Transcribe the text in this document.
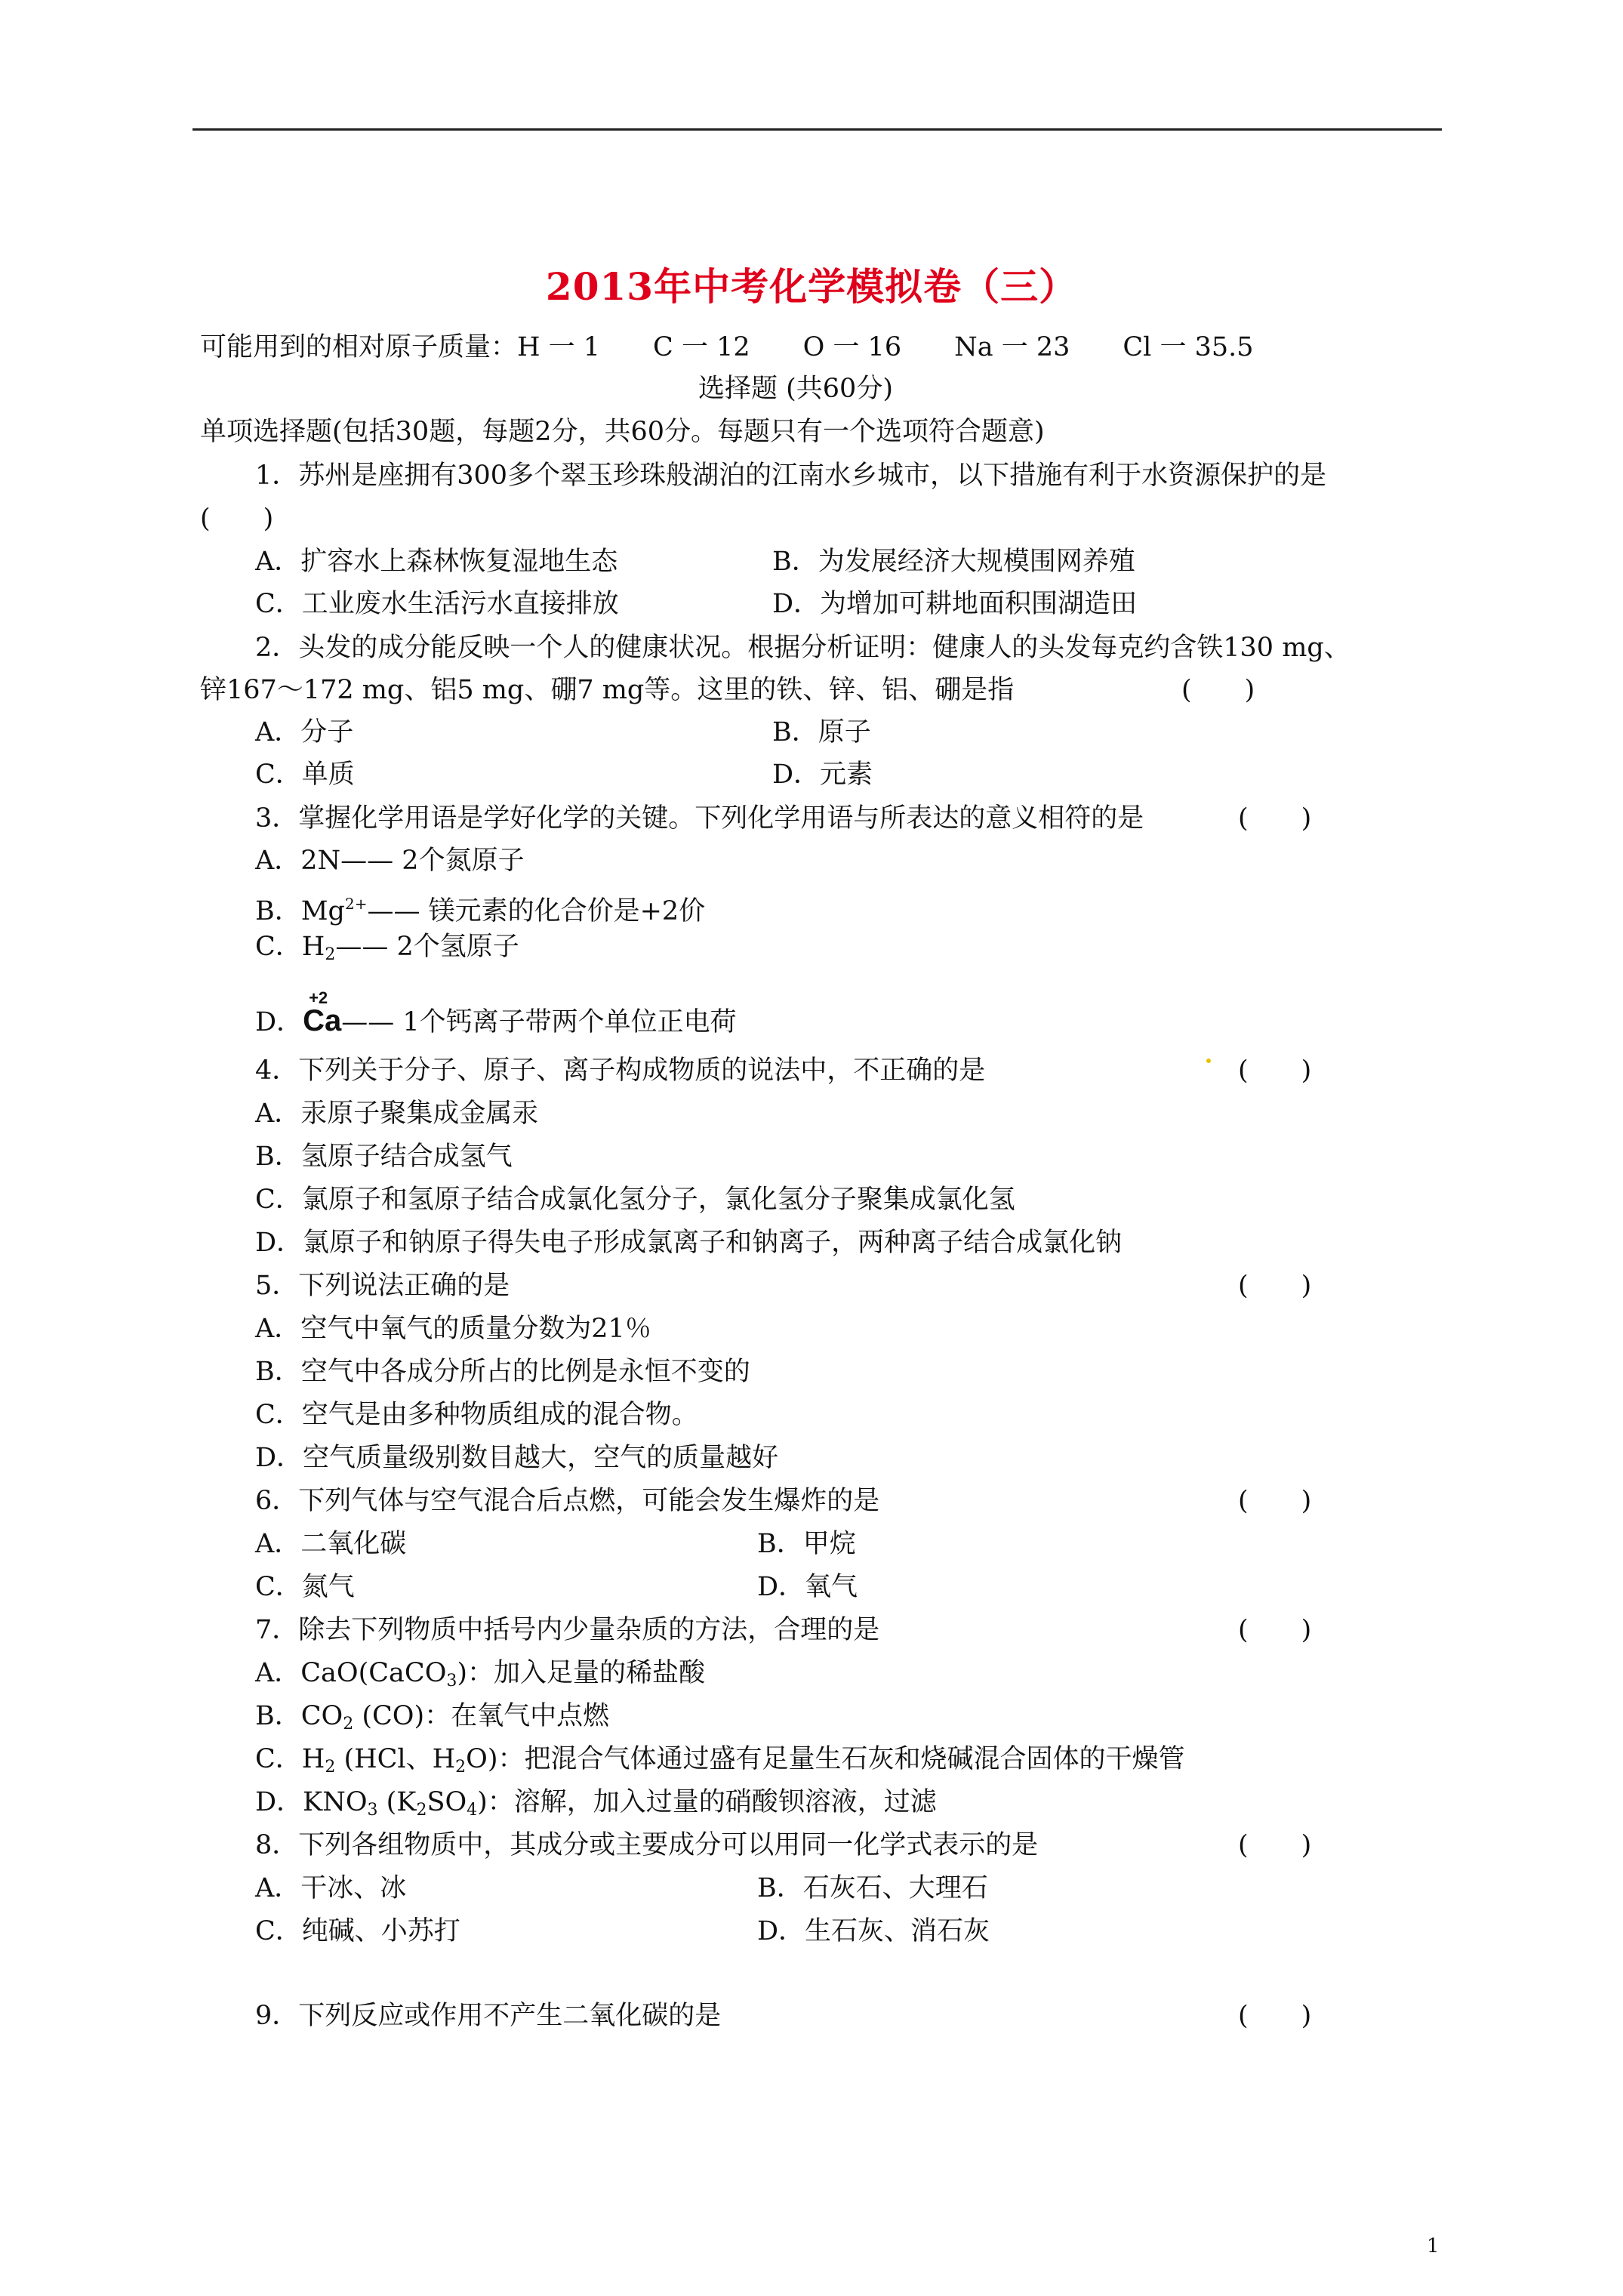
2013年中考化学模拟卷（三）
可能用到的相对原子质量：H 一 1　　C 一 12　　O 一 16　　Na 一 23　　Cl 一 35.5
选择题 (共60分)
单项选择题(包括30题，每题2分，共60分。每题只有一个选项符合题意)
1．苏州是座拥有300多个翠玉珍珠般湖泊的江南水乡城市，以下措施有利于水资源保护的是
(　　)
A．扩容水上森林恢复湿地生态	B．为发展经济大规模围网养殖
C．工业废水生活污水直接排放	D．为增加可耕地面积围湖造田
2．头发的成分能反映一个人的健康状况。根据分析证明：健康人的头发每克约含铁130 mg、
锌167～172 mg、铝5 mg、硼7 mg等。这里的铁、锌、铝、硼是指	(　　)
A．分子	B．原子
C．单质	D．元素
3．掌握化学用语是学好化学的关键。下列化学用语与所表达的意义相符的是	(　　)
A．2N—— 2个氮原子
B．$Mg^{2+}——$ 镁元素的化合价是+2价
C．$H_2——$ 2个氢原子
D．
+2
Ca—— 1个钙离子带两个单位正电荷
4．下列关于分子、原子、离子构成物质的说法中，不正确的是	(　　)
A．汞原子聚集成金属汞
B．氢原子结合成氢气
C．氯原子和氢原子结合成氯化氢分子，氯化氢分子聚集成氯化氢
D．氯原子和钠原子得失电子形成氯离子和钠离子，两种离子结合成氯化钠
5．下列说法正确的是	(　　)
A．空气中氧气的质量分数为21％
B．空气中各成分所占的比例是永恒不变的
C．空气是由多种物质组成的混合物。
D．空气质量级别数目越大，空气的质量越好
6．下列气体与空气混合后点燃，可能会发生爆炸的是	(　　)
A．二氧化碳	B．甲烷
C．氮气	D．氧气
7．除去下列物质中括号内少量杂质的方法，合理的是	(　　)
A．CaO(CaCO$_3$)：加入足量的稀盐酸
B．$CO_2$ (CO)：在氧气中点燃
C．$H_2$ (HCl、$H_2O$)：把混合气体通过盛有足量生石灰和烧碱混合固体的干燥管
D．$KNO_3$ $(K_2SO_4)$：溶解，加入过量的硝酸钡溶液，过滤
8．下列各组物质中，其成分或主要成分可以用同一化学式表示的是	(　　)
A．干冰、冰	B．石灰石、大理石
C．纯碱、小苏打	D．生石灰、消石灰
9．下列反应或作用不产生二氧化碳的是	(　　)
1
